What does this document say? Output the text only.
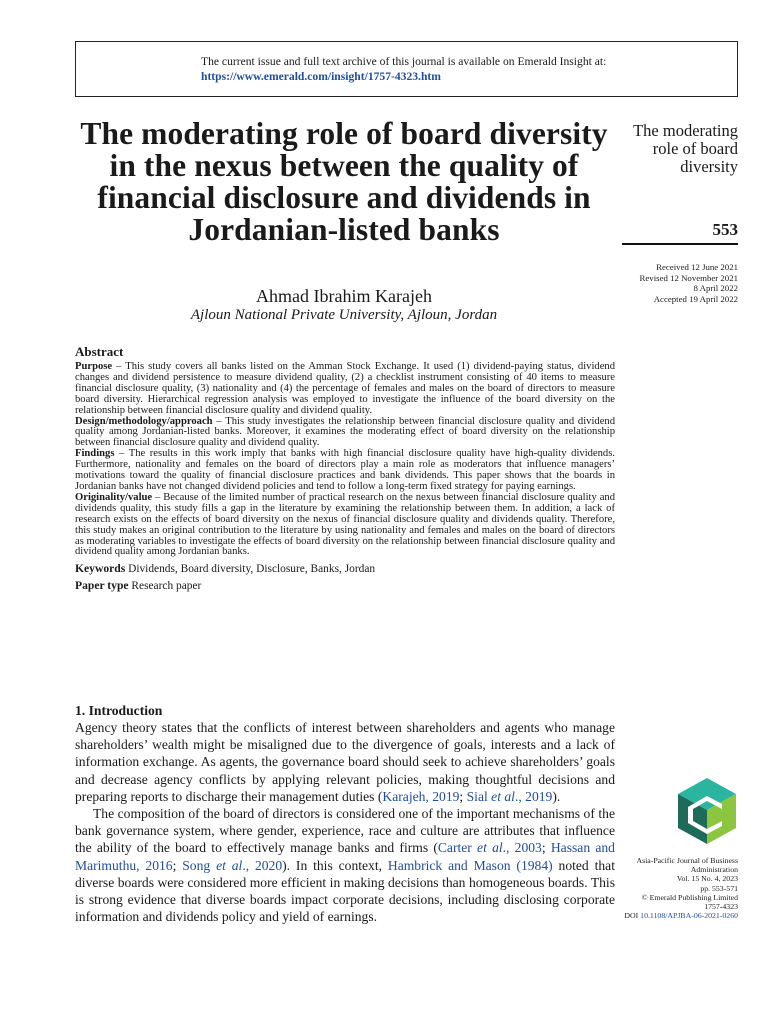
The current issue and full text archive of this journal is available on Emerald Insight at:
https://www.emerald.com/insight/1757-4323.htm
The moderating role of board diversity in the nexus between the quality of financial disclosure and dividends in Jordanian-listed banks
Ahmad Ibrahim Karajeh
Ajloun National Private University, Ajloun, Jordan
The moderating role of board diversity
553
Received 12 June 2021
Revised 12 November 2021
8 April 2022
Accepted 19 April 2022
Abstract

Purpose – This study covers all banks listed on the Amman Stock Exchange. It used (1) dividend-paying status, dividend changes and dividend persistence to measure dividend quality, (2) a checklist instrument consisting of 40 items to measure financial disclosure quality, (3) nationality and (4) the percentage of females and males on the board of directors to measure board diversity. Hierarchical regression analysis was employed to investigate the influence of the board diversity on the relationship between financial disclosure quality and dividend quality.

Design/methodology/approach – This study investigates the relationship between financial disclosure quality and dividend quality among Jordanian-listed banks. Moreover, it examines the moderating effect of board diversity on the relationship between financial disclosure quality and dividend quality.

Findings – The results in this work imply that banks with high financial disclosure quality have high-quality dividends. Furthermore, nationality and females on the board of directors play a main role as moderators that influence managers’ motivations toward the quality of financial disclosure practices and bank dividends. This paper shows that the boards in Jordanian banks have not changed dividend policies and tend to follow a long-term fixed strategy for paying earnings.

Originality/value – Because of the limited number of practical research on the nexus between financial disclosure quality and dividends quality, this study fills a gap in the literature by examining the relationship between them. In addition, a lack of research exists on the effects of board diversity on the nexus of financial disclosure quality and dividends quality. Therefore, this study makes an original contribution to the literature by using nationality and females and males on the board of directors as moderating variables to investigate the effects of board diversity on the relationship between financial disclosure quality and dividend quality among Jordanian banks.

Keywords Dividends, Board diversity, Disclosure, Banks, Jordan

Paper type Research paper

1. Introduction

Agency theory states that the conflicts of interest between shareholders and agents who manage shareholders’ wealth might be misaligned due to the divergence of goals, interests and a lack of information exchange. As agents, the governance board should seek to achieve shareholders’ goals and decrease agency conflicts by applying relevant policies, making thoughtful decisions and preparing reports to discharge their management duties (Karajeh, 2019; Sial et al., 2019).

The composition of the board of directors is considered one of the important mechanisms of the bank governance system, where gender, experience, race and culture are attributes that influence the ability of the board to effectively manage banks and firms (Carter et al., 2003; Hassan and Marimuthu, 2016; Song et al., 2020). In this context, Hambrick and Mason (1984) noted that diverse boards were considered more efficient in making decisions than homogeneous boards. This is strong evidence that diverse boards impact corporate decisions, including disclosing corporate information and dividends policy and yield of earnings.

Asia-Pacific Journal of Business Administration
Vol. 15 No. 4, 2023
pp. 553-571
© Emerald Publishing Limited
1757-4323
DOI 10.1108/APJBA-06-2021-0260
